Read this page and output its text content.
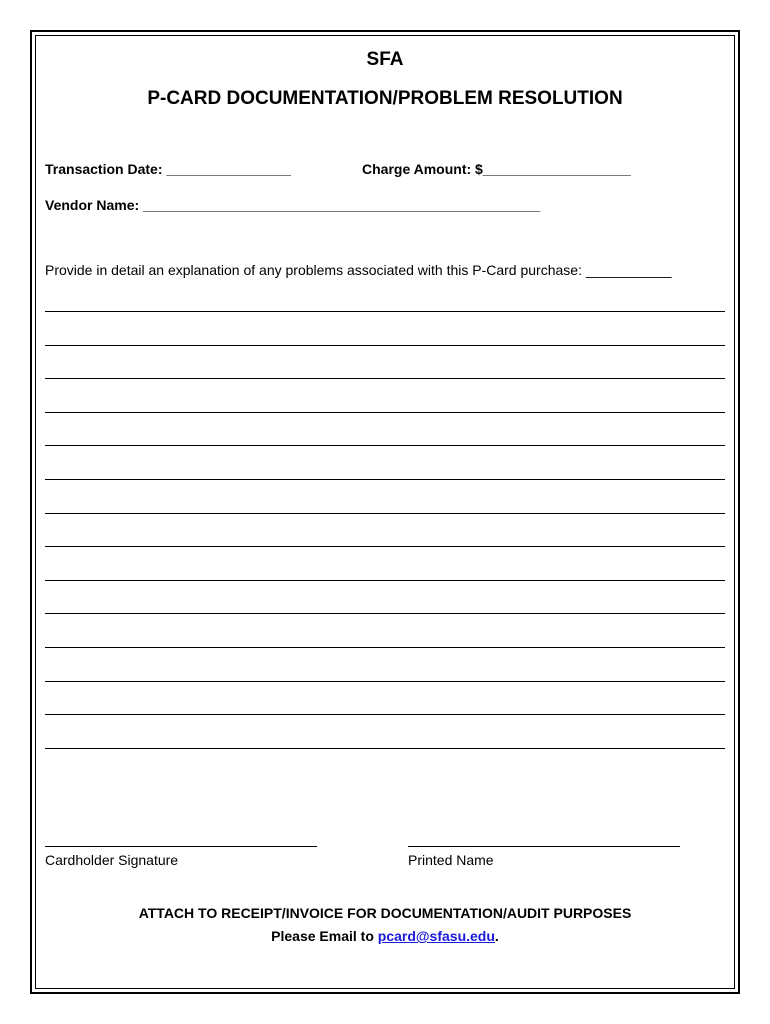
SFA
P-CARD DOCUMENTATION/PROBLEM RESOLUTION
Transaction Date: ________________	Charge Amount: $___________________
Vendor Name: ___________________________________________________
Provide in detail an explanation of any problems associated with this P-Card purchase: ___________
Cardholder Signature	Printed Name
ATTACH TO RECEIPT/INVOICE FOR DOCUMENTATION/AUDIT PURPOSES
Please Email to pcard@sfasu.edu.
